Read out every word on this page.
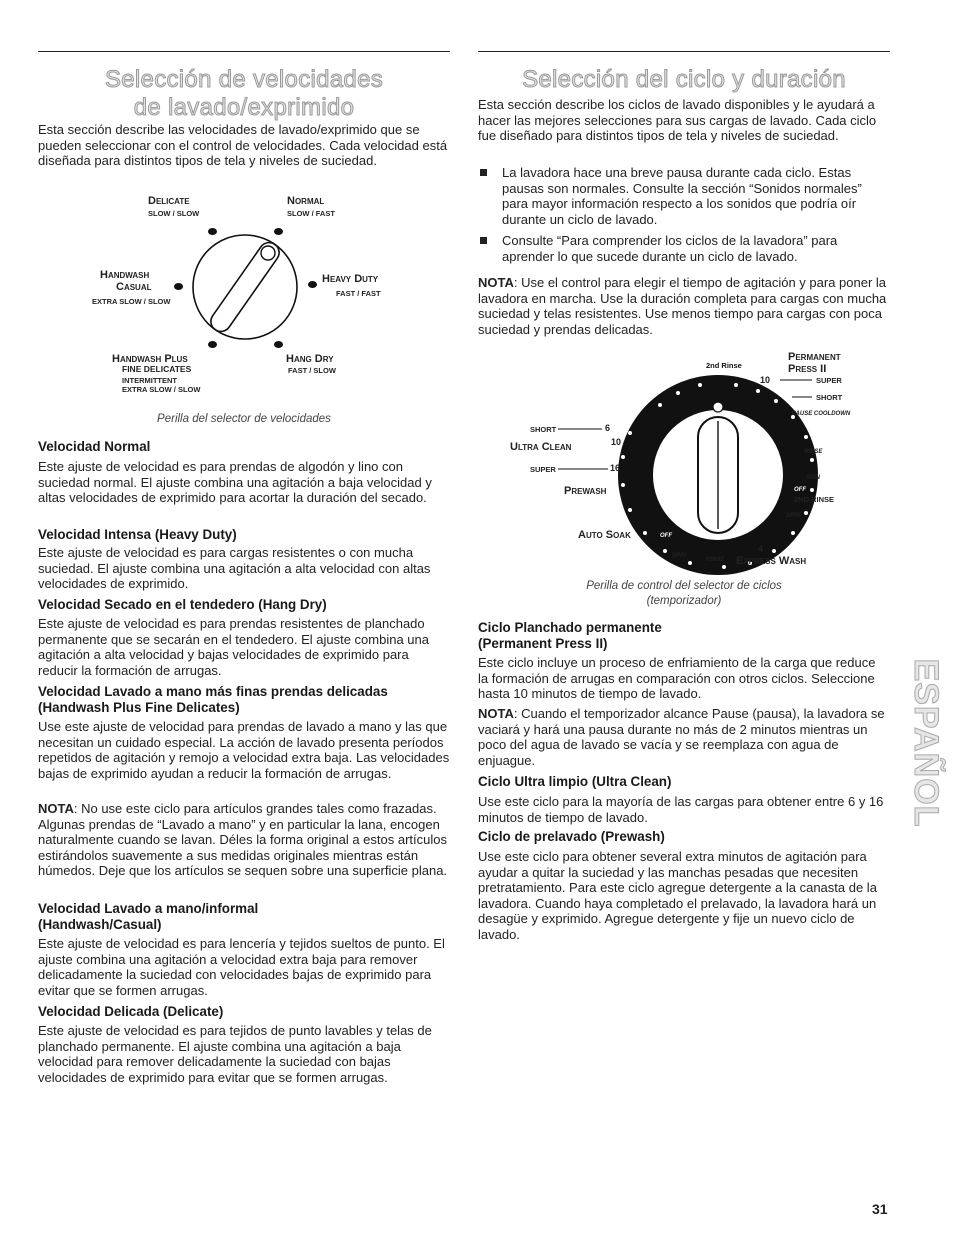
Selección de velocidades
de lavado/exprimido

Esta sección describe las velocidades de lavado/exprimido que se pueden seleccionar con el control de velocidades. Cada velocidad está diseñada para distintos tipos de tela y niveles de suciedad.

Delicate
SLOW / SLOW
Normal
SLOW / FAST
Handwash
Casual
EXTRA SLOW / SLOW
Heavy Duty
FAST / FAST
Handwash Plus
FINE DELICATES
INTERMITTENT
EXTRA SLOW / SLOW
Hang Dry
FAST / SLOW
Perilla del selector de velocidades
Velocidad Normal

Este ajuste de velocidad es para prendas de algodón y lino con suciedad normal. El ajuste combina una agitación a baja velocidad y altas velocidades de exprimido para acortar la duración del secado.

Velocidad Intensa (Heavy Duty)

Este ajuste de velocidad es para cargas resistentes o con mucha suciedad. El ajuste combina una agitación a alta velocidad con altas velocidades de exprimido.

Velocidad Secado en el tendedero (Hang Dry)

Este ajuste de velocidad es para prendas resistentes de planchado permanente que se secarán en el tendedero. El ajuste combina una agitación a alta velocidad y bajas velocidades de exprimido para reducir la formación de arrugas.

Velocidad Lavado a mano más finas prendas delicadas
(Handwash Plus Fine Delicates)

Use este ajuste de velocidad para prendas de lavado a mano y las que necesitan un cuidado especial. La acción de lavado presenta períodos repetidos de agitación y remojo a velocidad extra baja. Las velocidades bajas de exprimido ayudan a reducir la formación de arrugas.

NOTA: No use este ciclo para artículos grandes tales como frazadas. Algunas prendas de “Lavado a mano” y en particular la lana, encogen naturalmente cuando se lavan. Déles la forma original a estos artículos estirándolos suavemente a sus medidas originales mientras están húmedos. Deje que los artículos se sequen sobre una superficie plana.

Velocidad Lavado a mano/informal
(Handwash/Casual)

Este ajuste de velocidad es para lencería y tejidos sueltos de punto. El ajuste combina una agitación a velocidad extra baja para remover delicadamente la suciedad con velocidades bajas de exprimido para evitar que se formen arrugas.

Velocidad Delicada (Delicate)

Este ajuste de velocidad es para tejidos de punto lavables y telas de planchado permanente. El ajuste combina una agitación a baja velocidad para remover delicadamente la suciedad con bajas velocidades de exprimido para evitar que se formen arrugas.

Selección del ciclo y duración

Esta sección describe los ciclos de lavado disponibles y le ayudará a hacer las mejores selecciones para sus cargas de lavado. Cada ciclo fue diseñado para distintos tipos de tela y niveles de suciedad.

La lavadora hace una breve pausa durante cada ciclo. Estas pausas son normales. Consulte la sección “Sonidos normales” para mayor información respecto a los sonidos que podría oír durante un ciclo de lavado.
Consulte “Para comprender los ciclos de la lavadora” para aprender lo que sucede durante un ciclo de lavado.

NOTA: Use el control para elegir el tiempo de agitación y para poner la lavadora en marcha. Use la duración completa para cargas con mucha suciedad y telas resistentes. Use menos tiempo para cargas con poca suciedad y prendas delicadas.

Permanent
Press II
2nd Rinse
10	SUPER
6
4	SHORT
PAUSE COOLDOWN
SHORT	6
Ultra Clean	10
SUPER	16
Prewash
Auto Soak
RINSE
SPIN
OFF
2ND RINSE
SPIN
OFF
4
SPIN
RINSE Express Wash
Perilla de control del selector de ciclos
(temporizador)
Ciclo Planchado permanente
(Permanent Press II)

Este ciclo incluye un proceso de enfriamiento de la carga que reduce la formación de arrugas en comparación con otros ciclos. Seleccione hasta 10 minutos de tiempo de lavado.

NOTA: Cuando el temporizador alcance Pause (pausa), la lavadora se vaciará y hará una pausa durante no más de 2 minutos mientras un poco del agua de lavado se vacía y se reemplaza con agua de enjuague.

Ciclo Ultra limpio (Ultra Clean)

Use este ciclo para la mayoría de las cargas para obtener entre 6 y 16 minutos de tiempo de lavado.

Ciclo de prelavado (Prewash)

Use este ciclo para obtener several extra minutos de agitación para ayudar a quitar la suciedad y las manchas pesadas que necesiten pretratamiento. Para este ciclo agregue detergente a la canasta de la lavadora. Cuando haya completado el prelavado, la lavadora hará un desagüe y exprimido. Agregue detergente y fije un nuevo ciclo de lavado.

ESPAÑOL
31
